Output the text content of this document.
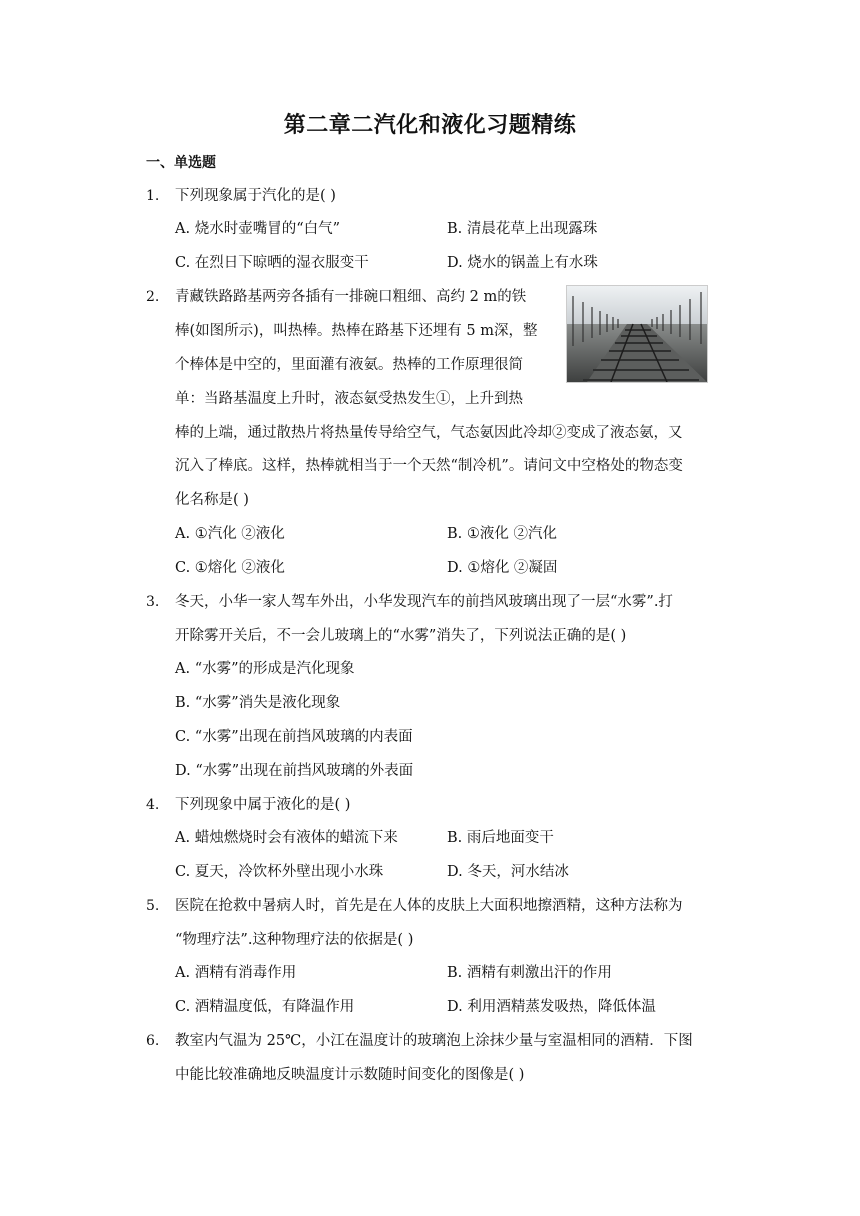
第二章二汽化和液化习题精练
一、单选题
1. 下列现象属于汽化的是( )
A. 烧水时壶嘴冒的“白气”	B. 清晨花草上出现露珠
C. 在烈日下晾晒的湿衣服变干	D. 烧水的锅盖上有水珠
2. 青藏铁路路基两旁各插有一排碗口粗细、高约 2 m的铁
棒(如图所示)，叫热棒。热棒在路基下还埋有 5 m深，整
个棒体是中空的，里面灌有液氨。热棒的工作原理很简
单：当路基温度上升时，液态氨受热发生①，上升到热
棒的上端，通过散热片将热量传导给空气，气态氨因此冷却②变成了液态氨，又
沉入了棒底。这样，热棒就相当于一个天然“制冷机”。请问文中空格处的物态变
化名称是( )
A. ①汽化 ②液化	B. ①液化 ②汽化
C. ①熔化 ②液化	D. ①熔化 ②凝固
3. 冬天，小华一家人驾车外出，小华发现汽车的前挡风玻璃出现了一层“水雾”.打
开除雾开关后，不一会儿玻璃上的“水雾”消失了，下列说法正确的是( )
A. “水雾”的形成是汽化现象
B. “水雾”消失是液化现象
C. “水雾”出现在前挡风玻璃的内表面
D. “水雾”出现在前挡风玻璃的外表面
4. 下列现象中属于液化的是( )
A. 蜡烛燃烧时会有液体的蜡流下来	B. 雨后地面变干
C. 夏天，冷饮杯外壁出现小水珠	D. 冬天，河水结冰
5. 医院在抢救中暑病人时，首先是在人体的皮肤上大面积地擦酒精，这种方法称为
“物理疗法”.这种物理疗法的依据是( )
A. 酒精有消毒作用	B. 酒精有刺激出汗的作用
C. 酒精温度低，有降温作用	D. 利用酒精蒸发吸热，降低体温
6. 教室内气温为 25℃，小江在温度计的玻璃泡上涂抹少量与室温相同的酒精．下图
中能比较准确地反映温度计示数随时间变化的图像是( )
